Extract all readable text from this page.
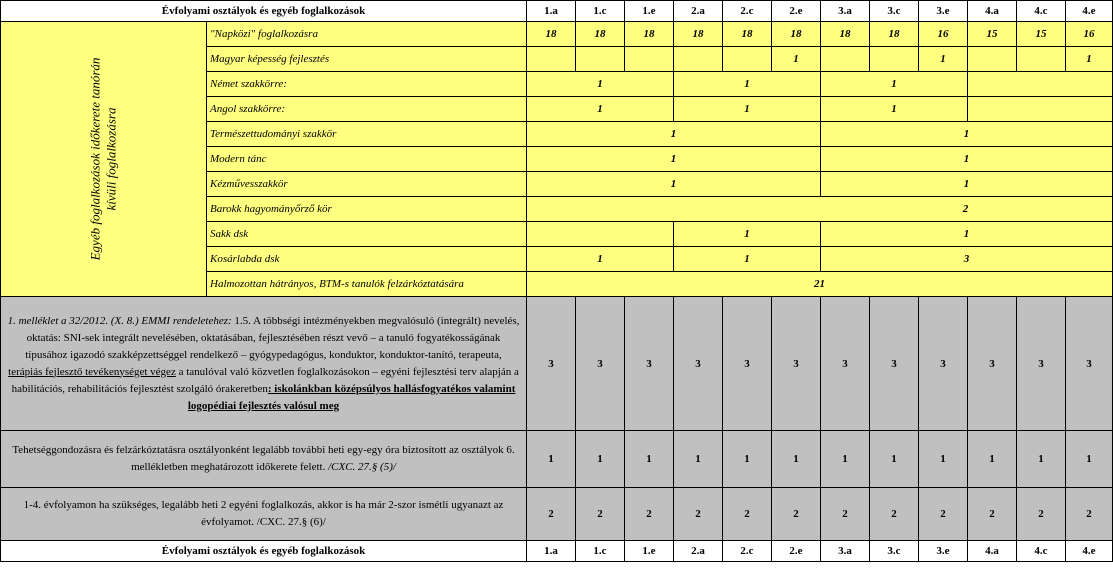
Évfolyami osztályok és egyéb foglalkozások		1.a	1.c	1.e	2.a	2.c	2.e	3.a	3.c	3.e	4.a	4.c	4.e

Egyéb foglalkozások időkerete tanórán
kívüli foglalkozásra	"Napközi" foglalkozásra	18	18	18	18	18	18	18	18	16	15	15	16
	Magyar képesség fejlesztés						1			1			1
	Német szakkörre:	1			1			1					
	Angol szakkörre:	1			1			1					
	Természettudományi szakkör	1						1					
	Modern tánc	1						1					
	Kézművesszakkör	1						1					
	Barokk hagyományőrző kör	2											
	Sakk dsk				1			1					
	Kosárlabda dsk	1			1			3					
	Halmozottan hátrányos, BTM-s tanulók felzárkóztatására	21											
1. melléklet a 32/2012. (X. 8.) EMMI rendeletehez: 1.5. A többségi intézményekben megvalósuló (integrált) nevelés, oktatás: SNI-sek integrált nevelésében, oktatásában, fejlesztésében részt vevő – a tanuló fogyatékosságának típusához igazodó szakképzettséggel rendelkező – gyógypedagógus, konduktor, konduktor-tanító, terapeuta, terápiás fejlesztő tevékenységet végez a tanulóval való közvetlen foglalkozásokon – egyéni fejlesztési terv alapján a habilitációs, rehabilitációs fejlesztést szolgáló órakeretben: iskolánkban középsúlyos hallásfogyatékos valamint logopédiai fejlesztés valósul meg		3	3	3	3	3	3	3	3	3	3	3	3
Tehetséggondozásra és felzárkóztatásra osztályonként legalább további heti egy-egy óra biztosított az osztályok 6. mellékletben meghatározott időkerete felett. /CXC. 27.§ (5)/		1	1	1	1	1	1	1	1	1	1	1	1
1-4. évfolyamon ha szükséges, legalább heti 2 egyéni foglalkozás, akkor is ha már 2-szor ismétli ugyanazt az évfolyamot. /CXC. 27.§ (6)/		2	2	2	2	2	2	2	2	2	2	2	2
Évfolyami osztályok és egyéb foglalkozások		1.a	1.c	1.e	2.a	2.c	2.e	3.a	3.c	3.e	4.a	4.c	4.e
